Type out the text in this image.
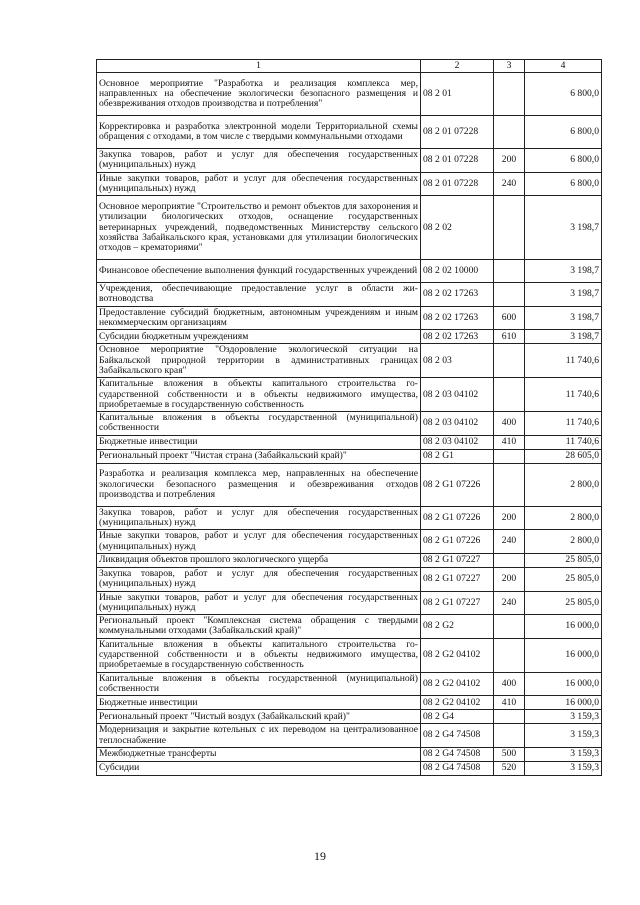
1	2	3	4
Основное мероприятие "Разработка и реализация комплекса мер, направленных на обеспечение экологически безопасного размещения и обезвреживания отходов производства и потребления"	08 2 01		6 800,0
Корректировка и разработка электронной модели Территориальной схемы обращения с отходами, в том числе с твердыми коммунальными отходами	08 2 01 07228		6 800,0
Закупка товаров, работ и услуг для обеспечения государственных (муниципальных) нужд	08 2 01 07228	200	6 800,0
Иные закупки товаров, работ и услуг для обеспечения государственных (муниципальных) нужд	08 2 01 07228	240	6 800,0
Основное мероприятие "Строительство и ремонт объектов для захоронения и утилизации биологических отходов, оснащение государственных ветеринарных учреждений, подведомственных Министерству сельского хозяйства Забайкальского края, установками для утилизации биологических отходов – крематориями"	08 2 02		3 198,7
Финансовое обеспечение выполнения функций государственных учреждений	08 2 02 10000		3 198,7
Учреждения, обеспечивающие предоставление услуг в области животноводства	08 2 02 17263		3 198,7
Предоставление субсидий бюджетным, автономным учреждениям и иным некоммерческим организациям	08 2 02 17263	600	3 198,7
Субсидии бюджетным учреждениям	08 2 02 17263	610	3 198,7
Основное мероприятие "Оздоровление экологической ситуации на Байкальской природной территории в административных границах Забайкальского края"	08 2 03		11 740,6
Капитальные вложения в объекты капитального строительства государственной собственности и в объекты недвижимого имущества, приобретаемые в государственную собственность	08 2 03 04102		11 740,6
Капитальные вложения в объекты государственной (муниципальной) собственности	08 2 03 04102	400	11 740,6
Бюджетные инвестиции	08 2 03 04102	410	11 740,6
Региональный проект "Чистая страна (Забайкальский край)"	08 2 G1		28 605,0
Разработка и реализация комплекса мер, направленных на обеспечение экологически безопасного размещения и обезвреживания отходов производства и потребления	08 2 G1 07226		2 800,0
Закупка товаров, работ и услуг для обеспечения государственных (муниципальных) нужд	08 2 G1 07226	200	2 800,0
Иные закупки товаров, работ и услуг для обеспечения государственных (муниципальных) нужд	08 2 G1 07226	240	2 800,0
Ликвидация объектов прошлого экологического ущерба	08 2 G1 07227		25 805,0
Закупка товаров, работ и услуг для обеспечения государственных (муниципальных) нужд	08 2 G1 07227	200	25 805,0
Иные закупки товаров, работ и услуг для обеспечения государственных (муниципальных) нужд	08 2 G1 07227	240	25 805,0
Региональный проект "Комплексная система обращения с твердыми коммунальными отходами (Забайкальский край)"	08 2 G2		16 000,0
Капитальные вложения в объекты капитального строительства государственной собственности и в объекты недвижимого имущества, приобретаемые в государственную собственность	08 2 G2 04102		16 000,0
Капитальные вложения в объекты государственной (муниципальной) собственности	08 2 G2 04102	400	16 000,0
Бюджетные инвестиции	08 2 G2 04102	410	16 000,0
Региональный проект "Чистый воздух (Забайкальский край)"	08 2 G4		3 159,3
Модернизация и закрытие котельных с их переводом на централизованное теплоснабжение	08 2 G4 74508		3 159,3
Межбюджетные трансферты	08 2 G4 74508	500	3 159,3
Субсидии	08 2 G4 74508	520	3 159,3
19
